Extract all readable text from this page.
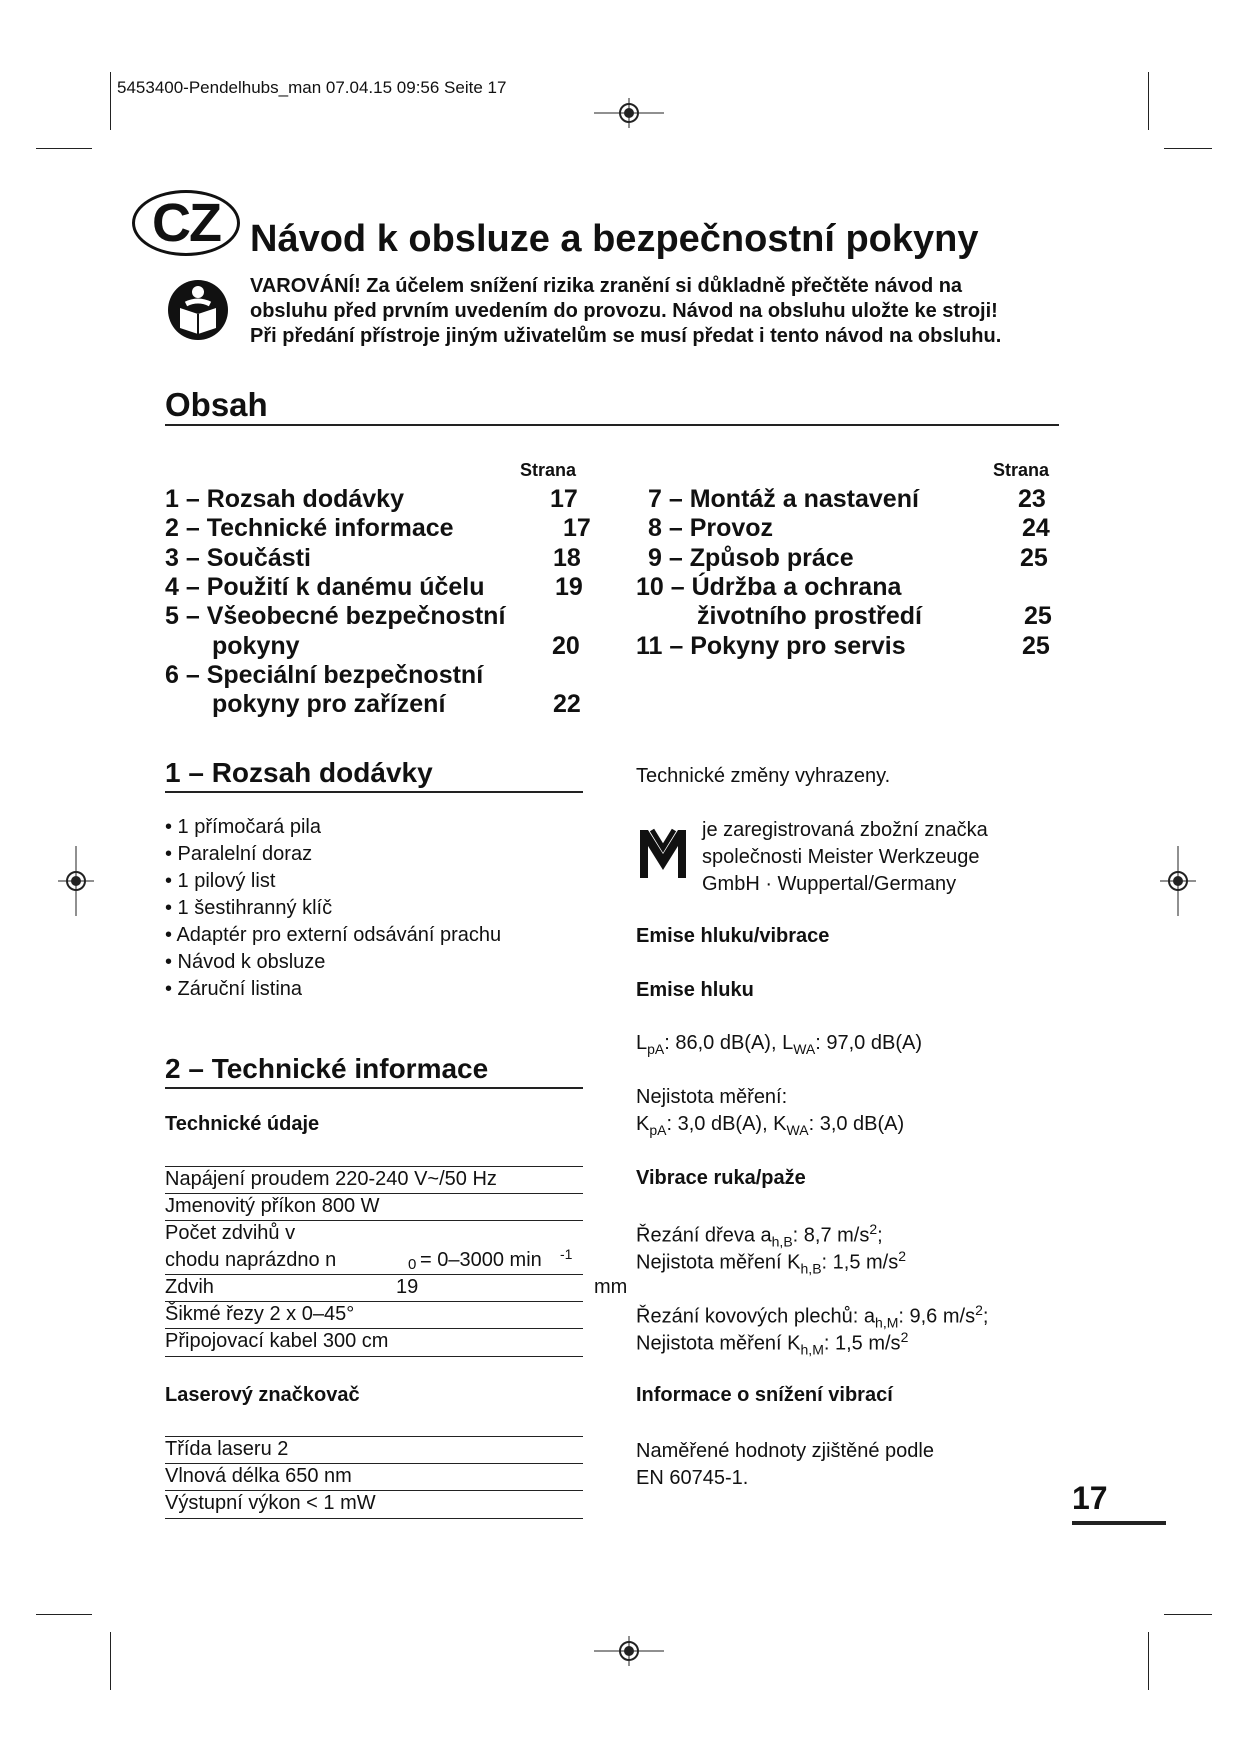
5453400-Pendelhubs_man 07.04.15 09:56 Seite 17
CZ Návod k obsluze a bezpečnostní pokyny
VAROVÁNÍ! Za účelem snížení rizika zranění si důkladně přečtěte návod na
obsluhu před prvním uvedením do provozu. Návod na obsluhu uložte ke stroji!
Při předání přístroje jiným uživatelům se musí předat i tento návod na obsluhu.
Obsah
Strana	Strana
1 – Rozsah dodávky	17
2 – Technické informace	17
3 – Součásti	18
4 – Použití k danému účelu	19
5 – Všeobecné bezpečnostní
pokyny	20
6 – Speciální bezpečnostní
pokyny pro zařízení	22
7 – Montáž a nastavení	23
8 – Provoz	24
9 – Způsob práce	25
10 – Údržba a ochrana
životního prostředí	25
11 – Pokyny pro servis	25
1 – Rozsah dodávky
• 1 přímočará pila
• Paralelní doraz
• 1 pilový list
• 1 šestihranný klíč
• Adaptér pro externí odsávání prachu
• Návod k obsluze
• Záruční listina
2 – Technické informace
Technické údaje
Napájení proudem 220-240 V~/50 Hz
Jmenovitý příkon 800 W
Počet zdvihů v
chodu naprázdno n	0 = 0–3000 min -1
Zdvih	19	mm
Šikmé řezy 2 x 0–45°
Připojovací kabel 300 cm
Laserový značkovač
Třída laseru 2
Vlnová délka 650 nm
Výstupní výkon < 1 mW
Technické změny vyhrazeny.
je zaregistrovaná zbožní značka
společnosti Meister Werkzeuge
GmbH · Wuppertal/Germany
Emise hluku/vibrace
Emise hluku
$L_{pA}$: 86,0 dB(A), $L_{WA}$: 97,0 dB(A)
Nejistota měření:
$K_{pA}$: 3,0 dB(A), $K_{WA}$: 3,0 dB(A)
Vibrace ruka/paže
Řezání dřeva $a_{h,B}$: 8,7 $m/s^2$;
Nejistota měření $K_{h,B}$: 1,5 $m/s^2$
Řezání kovových plechů: $a_{h,M}$: 9,6 $m/s^2$;
Nejistota měření $K_{h,M}$: 1,5 $m/s^2$
Informace o snížení vibrací
Naměřené hodnoty zjištěné podle
EN 60745-1.
17
